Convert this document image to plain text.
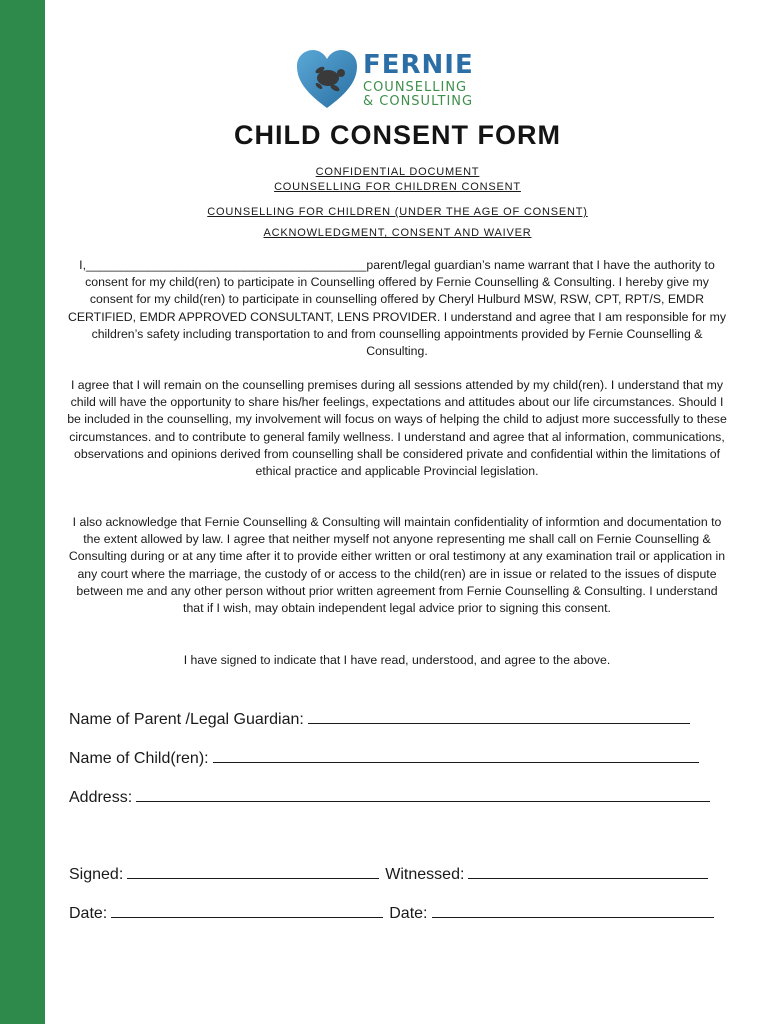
FERNIE
COUNSELLING
& CONSULTING
CHILD CONSENT FORM
CONFIDENTIAL DOCUMENT
COUNSELLING FOR CHILDREN CONSENT
COUNSELLING FOR CHILDREN (UNDER THE AGE OF CONSENT)
ACKNOWLEDGMENT, CONSENT AND WAIVER
I,_________________________________________parent/legal guardian’s name warrant that I have the authority to consent for my child(ren) to participate in Counselling offered by Fernie Counselling & Consulting. I hereby give my consent for my child(ren) to participate in counselling offered by Cheryl Hulburd MSW, RSW, CPT, RPT/S, EMDR CERTIFIED, EMDR APPROVED CONSULTANT, LENS PROVIDER. I understand and agree that I am responsible for my children’s safety including transportation to and from counselling appointments provided by Fernie Counselling & Consulting.
I agree that I will remain on the counselling premises during all sessions attended by my child(ren). I understand that my child will have the opportunity to share his/her feelings, expectations and attitudes about our life circumstances. Should I be included in the counselling, my involvement will focus on ways of helping the child to adjust more successfully to these circumstances. and to contribute to general family wellness. I understand and agree that al information, communications, observations and opinions derived from counselling shall be considered private and confidential within the limitations of ethical practice and applicable Provincial legislation.
I also acknowledge that Fernie Counselling & Consulting will maintain confidentiality of informtion and documentation to the extent allowed by law. I agree that neither myself not anyone representing me shall call on Fernie Counselling & Consulting during or at any time after it to provide either written or oral testimony at any examination trail or application in any court where the marriage, the custody of or access to the child(ren) are in issue or related to the issues of dispute between me and any other person without prior written agreement from Fernie Counselling & Consulting. I understand that if I wish, may obtain independent legal advice prior to signing this consent.
I have signed to indicate that I have read, understood, and agree to the above.
Name of Parent /Legal Guardian:
Name of Child(ren):
Address:
Signed:	Witnessed:
Date:	Date:
